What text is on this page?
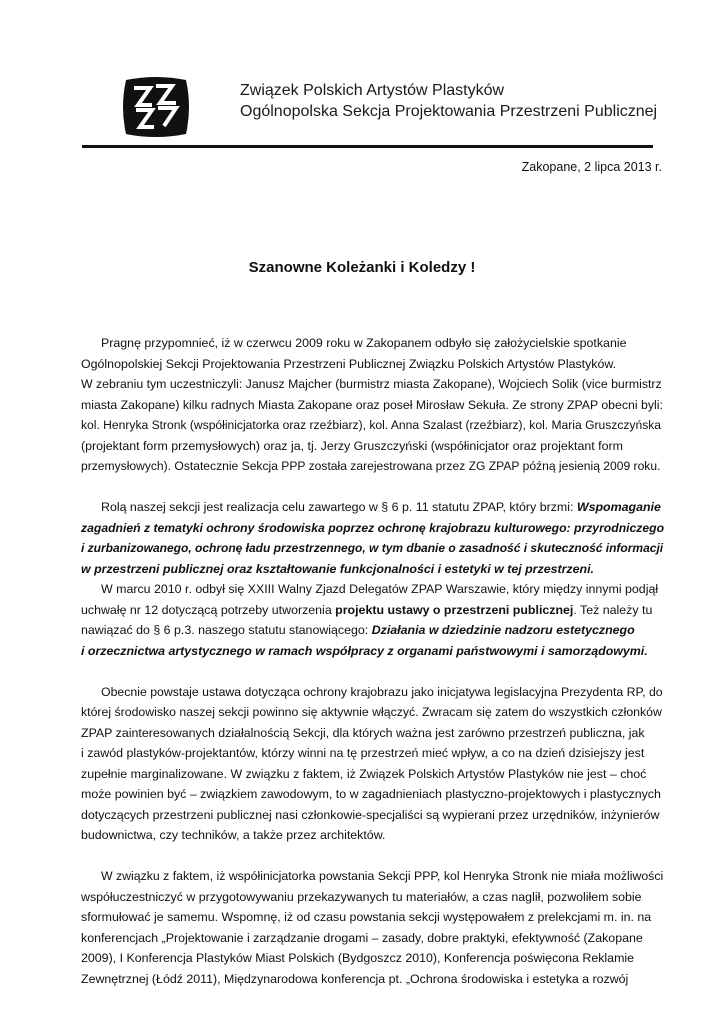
Związek Polskich Artystów Plastyków
Ogólnopolska Sekcja Projektowania Przestrzeni Publicznej
Zakopane, 2 lipca 2013 r.
Szanowne Koleżanki i Koledzy !
Pragnę przypomnieć, iż w czerwcu 2009 roku w Zakopanem odbyło się założycielskie spotkanie
Ogólnopolskiej Sekcji Projektowania Przestrzeni Publicznej Związku Polskich Artystów Plastyków.
W zebraniu tym uczestniczyli: Janusz Majcher (burmistrz miasta Zakopane), Wojciech Solik (vice burmistrz
miasta Zakopane) kilku radnych Miasta Zakopane oraz poseł Mirosław Sekuła. Ze strony ZPAP obecni byli:
kol. Henryka Stronk (współinicjatorka oraz rzeźbiarz), kol. Anna Szalast (rzeźbiarz), kol. Maria Gruszczyńska
(projektant form przemysłowych) oraz ja, tj. Jerzy Gruszczyński (współinicjator oraz projektant form
przemysłowych). Ostatecznie Sekcja PPP została zarejestrowana przez ZG ZPAP późną jesienią 2009 roku.
Rolą naszej sekcji jest realizacja celu zawartego w § 6 p. 11 statutu ZPAP, który brzmi: Wspomaganie
zagadnień z tematyki ochrony środowiska poprzez ochronę krajobrazu kulturowego: przyrodniczego
i zurbanizowanego, ochronę ładu przestrzennego, w tym dbanie o zasadność i skuteczność informacji
w przestrzeni publicznej oraz kształtowanie funkcjonalności i estetyki w tej przestrzeni.
W marcu 2010 r. odbył się XXIII Walny Zjazd Delegatów ZPAP Warszawie, który między innymi podjął
uchwałę nr 12 dotyczącą potrzeby utworzenia projektu ustawy o przestrzeni publicznej. Też należy tu
nawiązać do § 6 p.3. naszego statutu stanowiącego: Działania w dziedzinie nadzoru estetycznego
i orzecznictwa artystycznego w ramach współpracy z organami państwowymi i samorządowymi.
Obecnie powstaje ustawa dotycząca ochrony krajobrazu jako inicjatywa legislacyjna Prezydenta RP, do
której środowisko naszej sekcji powinno się aktywnie włączyć. Zwracam się zatem do wszystkich członków
ZPAP zainteresowanych działalnością Sekcji, dla których ważna jest zarówno przestrzeń publiczna, jak
i zawód plastyków-projektantów, którzy winni na tę przestrzeń mieć wpływ, a co na dzień dzisiejszy jest
zupełnie marginalizowane. W związku z faktem, iż Związek Polskich Artystów Plastyków nie jest – choć
może powinien być – związkiem zawodowym, to w zagadnieniach plastyczno-projektowych i plastycznych
dotyczących przestrzeni publicznej nasi członkowie-specjaliści są wypierani przez urzędników, inżynierów
budownictwa, czy techników, a także przez architektów.
W związku z faktem, iż współinicjatorka powstania Sekcji PPP, kol Henryka Stronk nie miała możliwości
współuczestniczyć w przygotowywaniu przekazywanych tu materiałów, a czas naglił, pozwoliłem sobie
sformułować je samemu. Wspomnę, iż od czasu powstania sekcji występowałem z prelekcjami m. in. na
konferencjach „Projektowanie i zarządzanie drogami – zasady, dobre praktyki, efektywność (Zakopane
2009), I Konferencja Plastyków Miast Polskich (Bydgoszcz 2010), Konferencja poświęcona Reklamie
Zewnętrznej (Łódź 2011), Międzynarodowa konferencja pt. „Ochrona środowiska i estetyka a rozwój
